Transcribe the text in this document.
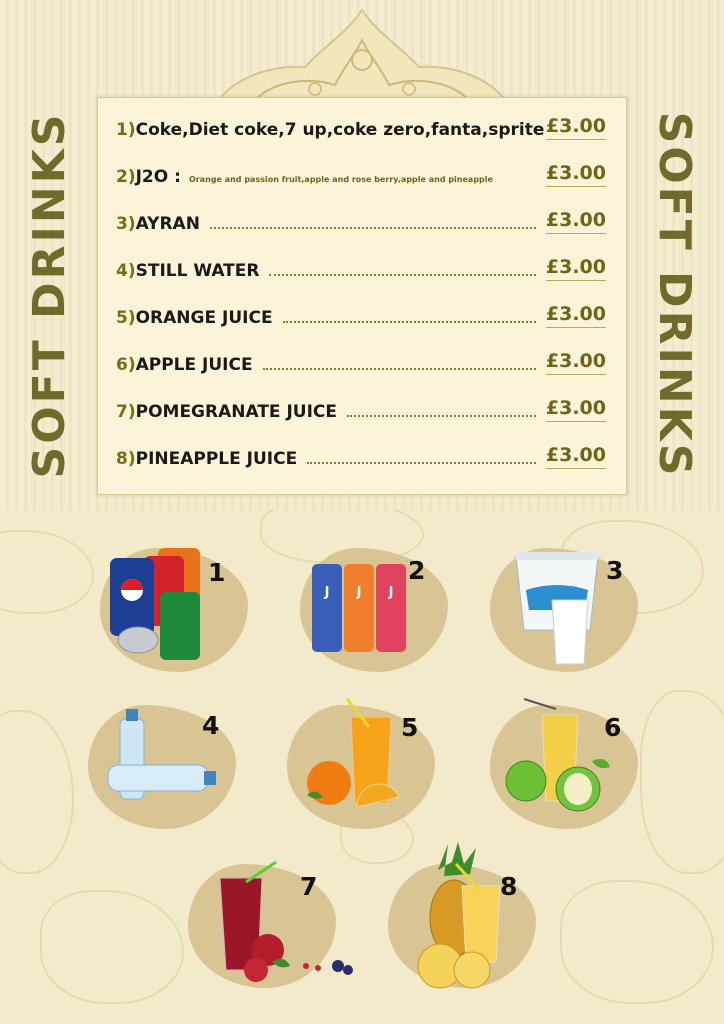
SOFT DRINKS	SOFT DRINKS
1)Coke,Diet coke,7 up,coke zero,fanta,sprite £3.00
2)J2O : Orange and passion fruit,apple and rose berry,apple and pineapple	£3.00
3)AYRAN	£3.00
4)STILL WATER	£3.00
5)ORANGE JUICE	£3.00
6)APPLE JUICE	£3.00
7)POMEGRANATE JUICE	£3.00
8)PINEAPPLE JUICE	£3.00
1
J J J
2	3
4	5	6
7	8
